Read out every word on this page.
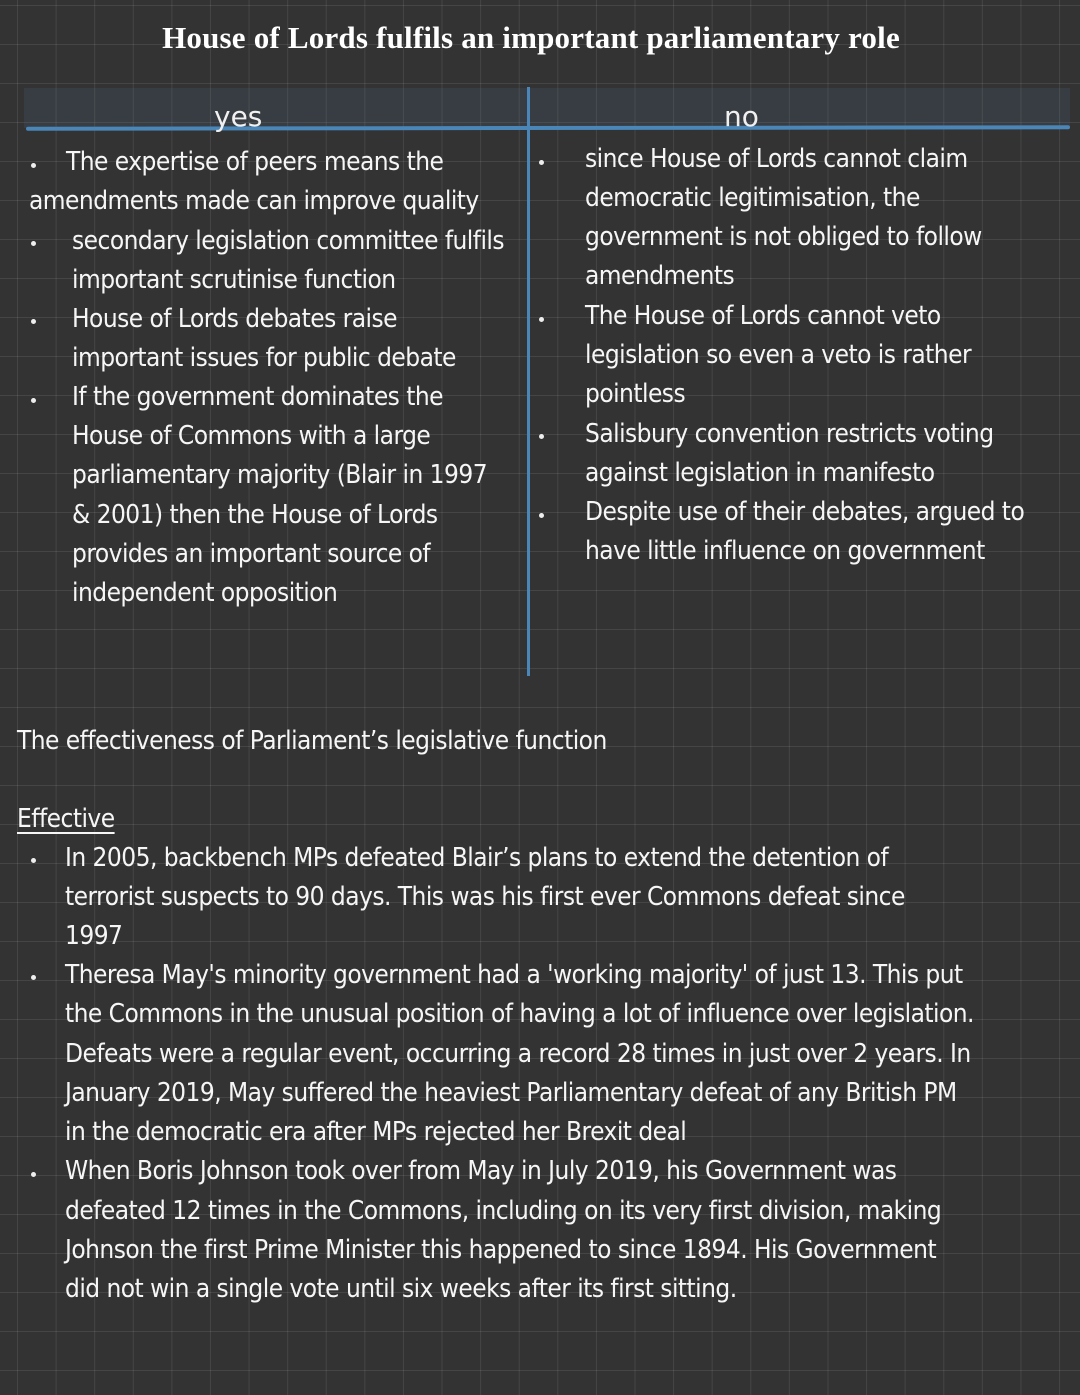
House of Lords fulfils an important parliamentary role
yes	no
The expertise of peers means the
amendments made can improve quality
secondary legislation committee fulfils
important scrutinise function
House of Lords debates raise
important issues for public debate
If the government dominates the
House of Commons with a large
parliamentary majority (Blair in 1997
& 2001) then the House of Lords
provides an important source of
independent opposition
since House of Lords cannot claim
democratic legitimisation, the
government is not obliged to follow
amendments
The House of Lords cannot veto
legislation so even a veto is rather
pointless
Salisbury convention restricts voting
against legislation in manifesto
Despite use of their debates, argued to
have little influence on government
The effectiveness of Parliament’s legislative function
Effective
In 2005, backbench MPs defeated Blair’s plans to extend the detention of
terrorist suspects to 90 days. This was his first ever Commons defeat since
1997
Theresa May's minority government had a 'working majority' of just 13. This put
the Commons in the unusual position of having a lot of influence over legislation.
Defeats were a regular event, occurring a record 28 times in just over 2 years. In
January 2019, May suffered the heaviest Parliamentary defeat of any British PM
in the democratic era after MPs rejected her Brexit deal
When Boris Johnson took over from May in July 2019, his Government was
defeated 12 times in the Commons, including on its very first division, making
Johnson the first Prime Minister this happened to since 1894. His Government
did not win a single vote until six weeks after its first sitting.
